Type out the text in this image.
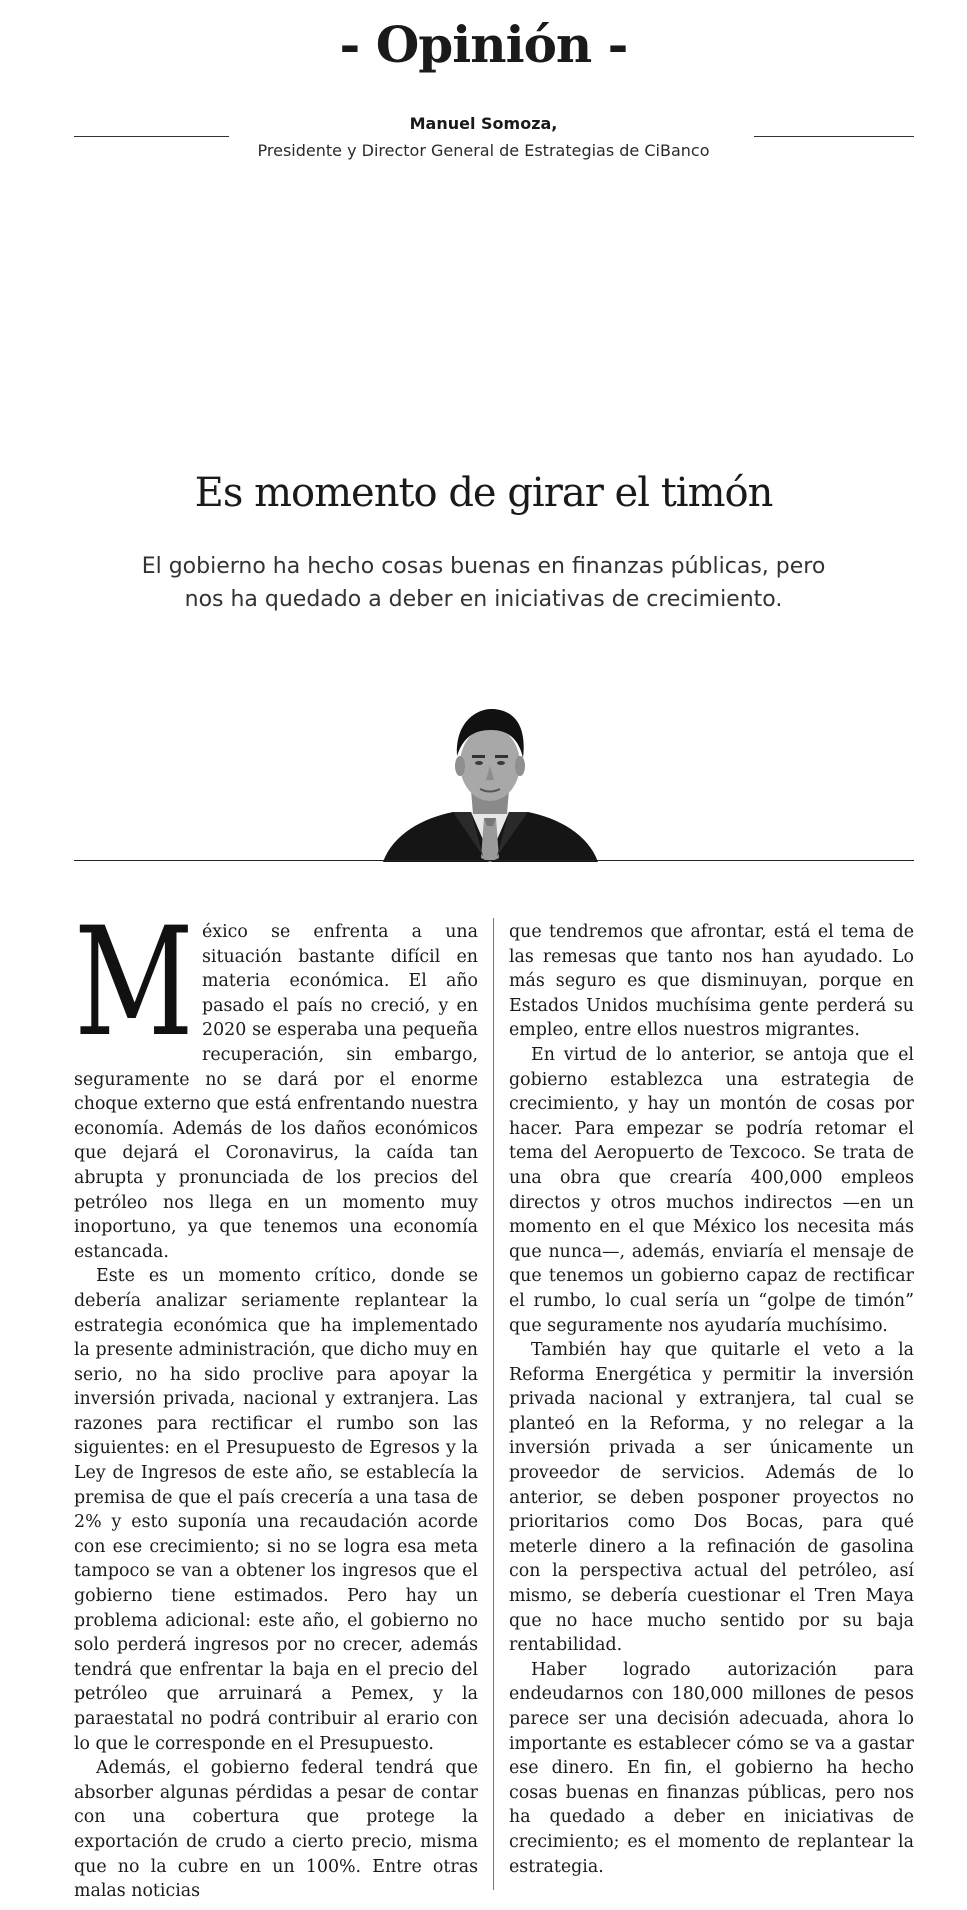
- Opinión -
Manuel Somoza,
Presidente y Director General de Estrategias de CiBanco
Es momento de girar el timón
El gobierno ha hecho cosas buenas en finanzas públicas, pero nos ha quedado a deber en iniciativas de crecimiento.

México se enfrenta a una situación bastante difícil en materia económica. El año pasado el país no creció, y en 2020 se esperaba una pequeña recuperación, sin embargo, seguramente no se dará por el enorme choque externo que está enfrentando nuestra economía. Además de los daños económicos que dejará el Coronavirus, la caída tan abrupta y pronunciada de los precios del petróleo nos llega en un momento muy inoportuno, ya que tenemos una economía estancada.

Este es un momento crítico, donde se debería analizar seriamente replantear la estrategia económica que ha implementado la presente administración, que dicho muy en serio, no ha sido proclive para apoyar la inversión privada, nacional y extranjera. Las razones para rectificar el rumbo son las siguientes: en el Presupuesto de Egresos y la Ley de Ingresos de este año, se establecía la premisa de que el país crecería a una tasa de 2% y esto suponía una recaudación acorde con ese crecimiento; si no se logra esa meta tampoco se van a obtener los ingresos que el gobierno tiene estimados. Pero hay un problema adicional: este año, el gobierno no solo perderá ingresos por no crecer, además tendrá que enfrentar la baja en el precio del petróleo que arruinará a Pemex, y la paraestatal no podrá contribuir al erario con lo que le corresponde en el Presupuesto.

Además, el gobierno federal tendrá que absorber algunas pérdidas a pesar de contar con una cobertura que protege la exportación de crudo a cierto precio, misma que no la cubre en un 100%. Entre otras malas noticias

que tendremos que afrontar, está el tema de las remesas que tanto nos han ayudado. Lo más seguro es que disminuyan, porque en Estados Unidos muchísima gente perderá su empleo, entre ellos nuestros migrantes.

En virtud de lo anterior, se antoja que el gobierno establezca una estrategia de crecimiento, y hay un montón de cosas por hacer. Para empezar se podría retomar el tema del Aeropuerto de Texcoco. Se trata de una obra que crearía 400,000 empleos directos y otros muchos indirectos —en un momento en el que México los necesita más que nunca—, además, enviaría el mensaje de que tenemos un gobierno capaz de rectificar el rumbo, lo cual sería un “golpe de timón” que seguramente nos ayudaría muchísimo.

También hay que quitarle el veto a la Reforma Energética y permitir la inversión privada nacional y extranjera, tal cual se planteó en la Reforma, y no relegar a la inversión privada a ser únicamente un proveedor de servicios. Además de lo anterior, se deben posponer proyectos no prioritarios como Dos Bocas, para qué meterle dinero a la refinación de gasolina con la perspectiva actual del petróleo, así mismo, se debería cuestionar el Tren Maya que no hace mucho sentido por su baja rentabilidad.

Haber logrado autorización para endeudarnos con 180,000 millones de pesos parece ser una decisión adecuada, ahora lo importante es establecer cómo se va a gastar ese dinero. En fin, el gobierno ha hecho cosas buenas en finanzas públicas, pero nos ha quedado a deber en iniciativas de crecimiento; es el momento de replantear la estrategia.
